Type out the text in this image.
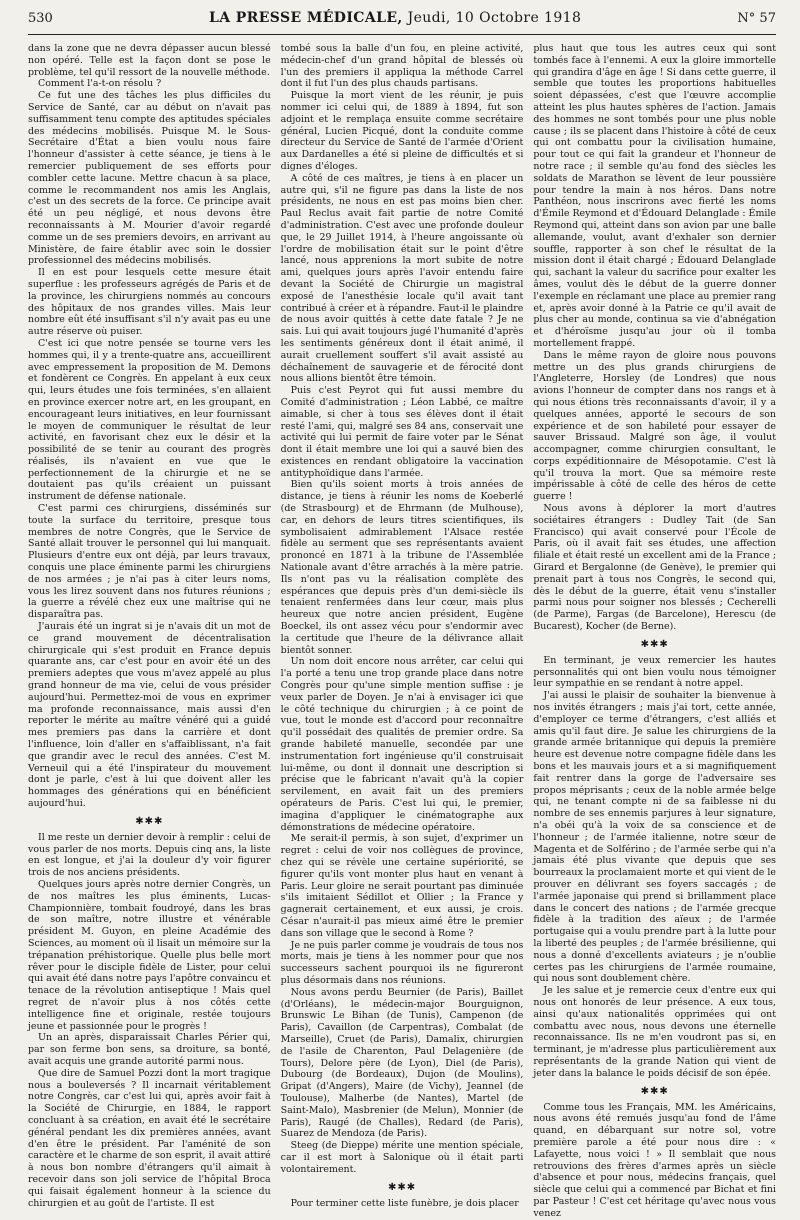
530	LA PRESSE MÉDICALE, Jeudi, 10 Octobre 1918	N° 57

dans la zone que ne devra dépasser aucun blessé non opéré. Telle est la façon dont se pose le problème, tel qu'il ressort de la nouvelle méthode.

Comment l'a-t-on résolu ?

Ce fut une des tâches les plus difficiles du Service de Santé, car au début on n'avait pas suffisamment tenu compte des aptitudes spéciales des médecins mobilisés. Puisque M. le Sous-Secrétaire d'État a bien voulu nous faire l'honneur d'assister à cette séance, je tiens à le remercier publiquement de ses efforts pour combler cette lacune. Mettre chacun à sa place, comme le recommandent nos amis les Anglais, c'est un des secrets de la force. Ce principe avait été un peu négligé, et nous devons être reconnaissants à M. Mourier d'avoir regardé comme un de ses premiers devoirs, en arrivant au Ministère, de faire établir avec soin le dossier professionnel des médecins mobilisés.

Il en est pour lesquels cette mesure était superflue : les professeurs agrégés de Paris et de la province, les chirurgiens nommés au concours des hôpitaux de nos grandes villes. Mais leur nombre eût été insuffisant s'il n'y avait pas eu une autre réserve où puiser.

C'est ici que notre pensée se tourne vers les hommes qui, il y a trente-quatre ans, accueillirent avec empressement la proposition de M. Demons et fondèrent ce Congrès. En appelant à eux ceux qui, leurs études une fois terminées, s'en allaient en province exercer notre art, en les groupant, en encourageant leurs initiatives, en leur fournissant le moyen de communiquer le résultat de leur activité, en favorisant chez eux le désir et la possibilité de se tenir au courant des progrès réalisés, ils n'avaient en vue que le perfectionnement de la chirurgie et ne se doutaient pas qu'ils créaient un puissant instrument de défense nationale.

C'est parmi ces chirurgiens, disséminés sur toute la surface du territoire, presque tous membres de notre Congrès, que le Service de Santé allait trouver le personnel qui lui manquait. Plusieurs d'entre eux ont déjà, par leurs travaux, conquis une place éminente parmi les chirurgiens de nos armées ; je n'ai pas à citer leurs noms, vous les lirez souvent dans nos futures réunions ; la guerre a révélé chez eux une maîtrise qui ne disparaîtra pas.

J'aurais été un ingrat si je n'avais dit un mot de ce grand mouvement de décentralisation chirurgicale qui s'est produit en France depuis quarante ans, car c'est pour en avoir été un des premiers adeptes que vous m'avez appelé au plus grand honneur de ma vie, celui de vous présider aujourd'hui. Permettez-moi de vous en exprimer ma profonde reconnaissance, mais aussi d'en reporter le mérite au maître vénéré qui a guidé mes premiers pas dans la carrière et dont l'influence, loin d'aller en s'affaiblissant, n'a fait que grandir avec le recul des années. C'est M. Verneuil qui a été l'inspirateur du mouvement dont je parle, c'est à lui que doivent aller les hommages des générations qui en bénéficient aujourd'hui.

✱✱✱

Il me reste un dernier devoir à remplir : celui de vous parler de nos morts. Depuis cinq ans, la liste en est longue, et j'ai la douleur d'y voir figurer trois de nos anciens présidents.

Quelques jours après notre dernier Congrès, un de nos maîtres les plus éminents, Lucas-Championnière, tombait foudroyé, dans les bras de son maître, notre illustre et vénérable président M. Guyon, en pleine Académie des Sciences, au moment où il lisait un mémoire sur la trépanation préhistorique. Quelle plus belle mort rêver pour le disciple fidèle de Lister, pour celui qui avait été dans notre pays l'apôtre convaincu et tenace de la révolution antiseptique ! Mais quel regret de n'avoir plus à nos côtés cette intelligence fine et originale, restée toujours jeune et passionnée pour le progrès !

Un an après, disparaissait Charles Périer qui, par son ferme bon sens, sa droiture, sa bonté, avait acquis une grande autorité parmi nous.

Que dire de Samuel Pozzi dont la mort tragique nous a bouleversés ? Il incarnait véritablement notre Congrès, car c'est lui qui, après avoir fait à la Société de Chirurgie, en 1884, le rapport concluant à sa création, en avait été le secrétaire général pendant les dix premières années, avant d'en être le président. Par l'aménité de son caractère et le charme de son esprit, il avait attiré à nous bon nombre d'étrangers qu'il aimait à recevoir dans son joli service de l'hôpital Broca qui faisait également honneur à la science du chirurgien et au goût de l'artiste. Il est

tombé sous la balle d'un fou, en pleine activité, médecin-chef d'un grand hôpital de blessés où l'un des premiers il appliqua la méthode Carrel dont il fut l'un des plus chauds partisans.

Puisque la mort vient de les réunir, je puis nommer ici celui qui, de 1889 à 1894, fut son adjoint et le remplaça ensuite comme secrétaire général, Lucien Picqué, dont la conduite comme directeur du Service de Santé de l'armée d'Orient aux Dardanelles a été si pleine de difficultés et si dignes d'éloges.

A côté de ces maîtres, je tiens à en placer un autre qui, s'il ne figure pas dans la liste de nos présidents, ne nous en est pas moins bien cher. Paul Reclus avait fait partie de notre Comité d'administration. C'est avec une profonde douleur que, le 29 Juillet 1914, à l'heure angoissante où l'ordre de mobilisation était sur le point d'être lancé, nous apprenions la mort subite de notre ami, quelques jours après l'avoir entendu faire devant la Société de Chirurgie un magistral exposé de l'anesthésie locale qu'il avait tant contribué à créer et à répandre. Faut-il le plaindre de nous avoir quittés à cette date fatale ? Je ne sais. Lui qui avait toujours jugé l'humanité d'après les sentiments généreux dont il était animé, il aurait cruellement souffert s'il avait assisté au déchaînement de sauvagerie et de férocité dont nous allions bientôt être témoin.

Puis c'est Peyrot qui fut aussi membre du Comité d'administration ; Léon Labbé, ce maître aimable, si cher à tous ses élèves dont il était resté l'ami, qui, malgré ses 84 ans, conservait une activité qui lui permit de faire voter par le Sénat dont il était membre une loi qui a sauvé bien des existences en rendant obligatoire la vaccination antityphoïdique dans l'armée.

Bien qu'ils soient morts à trois années de distance, je tiens à réunir les noms de Koeberlé (de Strasbourg) et de Ehrmann (de Mulhouse), car, en dehors de leurs titres scientifiques, ils symbolisaient admirablement l'Alsace restée fidèle au serment que ses représentants avaient prononcé en 1871 à la tribune de l'Assemblée Nationale avant d'être arrachés à la mère patrie. Ils n'ont pas vu la réalisation complète des espérances que depuis près d'un demi-siècle ils tenaient renfermées dans leur cœur, mais plus heureux que notre ancien président, Eugène Boeckel, ils ont assez vécu pour s'endormir avec la certitude que l'heure de la délivrance allait bientôt sonner.

Un nom doit encore nous arrêter, car celui qui l'a porté a tenu une trop grande place dans notre Congrès pour qu'une simple mention suffise : je veux parler de Doyen. Je n'ai à envisager ici que le côté technique du chirurgien ; à ce point de vue, tout le monde est d'accord pour reconnaître qu'il possédait des qualités de premier ordre. Sa grande habileté manuelle, secondée par une instrumentation fort ingénieuse qu'il construisait lui-même, ou dont il donnait une description si précise que le fabricant n'avait qu'à la copier servilement, en avait fait un des premiers opérateurs de Paris. C'est lui qui, le premier, imagina d'appliquer le cinématographe aux démonstrations de médecine opératoire.

Me serait-il permis, à son sujet, d'exprimer un regret : celui de voir nos collègues de province, chez qui se révèle une certaine supériorité, se figurer qu'ils vont monter plus haut en venant à Paris. Leur gloire ne serait pourtant pas diminuée s'ils imitaient Sédillot et Ollier ; la France y gagnerait certainement, et eux aussi, je crois. César n'aurait-il pas mieux aimé être le premier dans son village que le second à Rome ?

Je ne puis parler comme je voudrais de tous nos morts, mais je tiens à les nommer pour que nos successeurs sachent pourquoi ils ne figureront plus désormais dans nos réunions.

Nous avons perdu Beurnier (de Paris), Baillet (d'Orléans), le médecin-major Bourguignon, Brunswic Le Bihan (de Tunis), Campenon (de Paris), Cavaillon (de Carpentras), Combalat (de Marseille), Cruet (de Paris), Damalix, chirurgien de l'asile de Charenton, Paul Delagenière (de Tours), Delore père (de Lyon), Diel (de Paris), Dubourg (de Bordeaux), Dujon (de Moulins), Gripat (d'Angers), Maire (de Vichy), Jeannel (de Toulouse), Malherbe (de Nantes), Martel (de Saint-Malo), Masbrenier (de Melun), Monnier (de Paris), Raugé (de Challes), Redard (de Paris), Suarez de Mendoza (de Paris).

Steeg (de Dieppe) mérite une mention spéciale, car il est mort à Salonique où il était parti volontairement.

✱✱✱

Pour terminer cette liste funèbre, je dois placer

plus haut que tous les autres ceux qui sont tombés face à l'ennemi. A eux la gloire immortelle qui grandira d'âge en âge ! Si dans cette guerre, il semble que toutes les proportions habituelles soient dépassées, c'est que l'œuvre accomplie atteint les plus hautes sphères de l'action. Jamais des hommes ne sont tombés pour une plus noble cause ; ils se placent dans l'histoire à côté de ceux qui ont combattu pour la civilisation humaine, pour tout ce qui fait la grandeur et l'honneur de notre race ; il semble qu'au fond des siècles les soldats de Marathon se lèvent de leur poussière pour tendre la main à nos héros. Dans notre Panthéon, nous inscrirons avec fierté les noms d'Émile Reymond et d'Édouard Delanglade : Émile Reymond qui, atteint dans son avion par une balle allemande, voulut, avant d'exhaler son dernier souffle, rapporter à son chef le résultat de la mission dont il était chargé ; Édouard Delanglade qui, sachant la valeur du sacrifice pour exalter les âmes, voulut dès le début de la guerre donner l'exemple en réclamant une place au premier rang et, après avoir donné à la Patrie ce qu'il avait de plus cher au monde, continua sa vie d'abnégation et d'héroïsme jusqu'au jour où il tomba mortellement frappé.

Dans le même rayon de gloire nous pouvons mettre un des plus grands chirurgiens de l'Angleterre, Horsley (de Londres) que nous avions l'honneur de compter dans nos rangs et à qui nous étions très reconnaissants d'avoir, il y a quelques années, apporté le secours de son expérience et de son habileté pour essayer de sauver Brissaud. Malgré son âge, il voulut accompagner, comme chirurgien consultant, le corps expéditionnaire de Mésopotamie. C'est là qu'il trouva la mort. Que sa mémoire reste impérissable à côté de celle des héros de cette guerre !

Nous avons à déplorer la mort d'autres sociétaires étrangers : Dudley Tait (de San Francisco) qui avait conservé pour l'École de Paris, où il avait fait ses études, une affection filiale et était resté un excellent ami de la France ; Girard et Bergalonne (de Genève), le premier qui prenait part à tous nos Congrès, le second qui, dès le début de la guerre, était venu s'installer parmi nous pour soigner nos blessés ; Cecherelli (de Parme), Fargas (de Barcelone), Herescu (de Bucarest), Kocher (de Berne).

✱✱✱

En terminant, je veux remercier les hautes personnalités qui ont bien voulu nous témoigner leur sympathie en se rendant à notre appel.

J'ai aussi le plaisir de souhaiter la bienvenue à nos invités étrangers ; mais j'ai tort, cette année, d'employer ce terme d'étrangers, c'est alliés et amis qu'il faut dire. Je salue les chirurgiens de la grande armée britannique qui depuis la première heure est devenue notre compagne fidèle dans les bons et les mauvais jours et a si magnifiquement fait rentrer dans la gorge de l'adversaire ses propos méprisants ; ceux de la noble armée belge qui, ne tenant compte ni de sa faiblesse ni du nombre de ses ennemis parjures à leur signature, n'a obéi qu'à la voix de sa conscience et de l'honneur ; de l'armée italienne, notre sœur de Magenta et de Solférino ; de l'armée serbe qui n'a jamais été plus vivante que depuis que ses bourreaux la proclamaient morte et qui vient de le prouver en délivrant ses foyers saccagés ; de l'armée japonaise qui prend si brillamment place dans le concert des nations ; de l'armée grecque fidèle à la tradition des aïeux ; de l'armée portugaise qui a voulu prendre part à la lutte pour la liberté des peuples ; de l'armée brésilienne, qui nous a donné d'excellents aviateurs ; je n'oublie certes pas les chirurgiens de l'armée roumaine, qui nous sont doublement chère.

Je les salue et je remercie ceux d'entre eux qui nous ont honorés de leur présence. A eux tous, ainsi qu'aux nationalités opprimées qui ont combattu avec nous, nous devons une éternelle reconnaissance. Ils ne m'en voudront pas si, en terminant, je m'adresse plus particulièrement aux représentants de la grande Nation qui vient de jeter dans la balance le poids décisif de son épée.

✱✱✱

Comme tous les Français, MM. les Américains, nous avons été remués jusqu'au fond de l'âme quand, en débarquant sur notre sol, votre première parole a été pour nous dire : « Lafayette, nous voici ! » Il semblait que nous retrouvions des frères d'armes après un siècle d'absence et pour nous, médecins français, quel siècle que celui qui a commencé par Bichat et fini par Pasteur ! C'est cet héritage qu'avec nous vous venez
